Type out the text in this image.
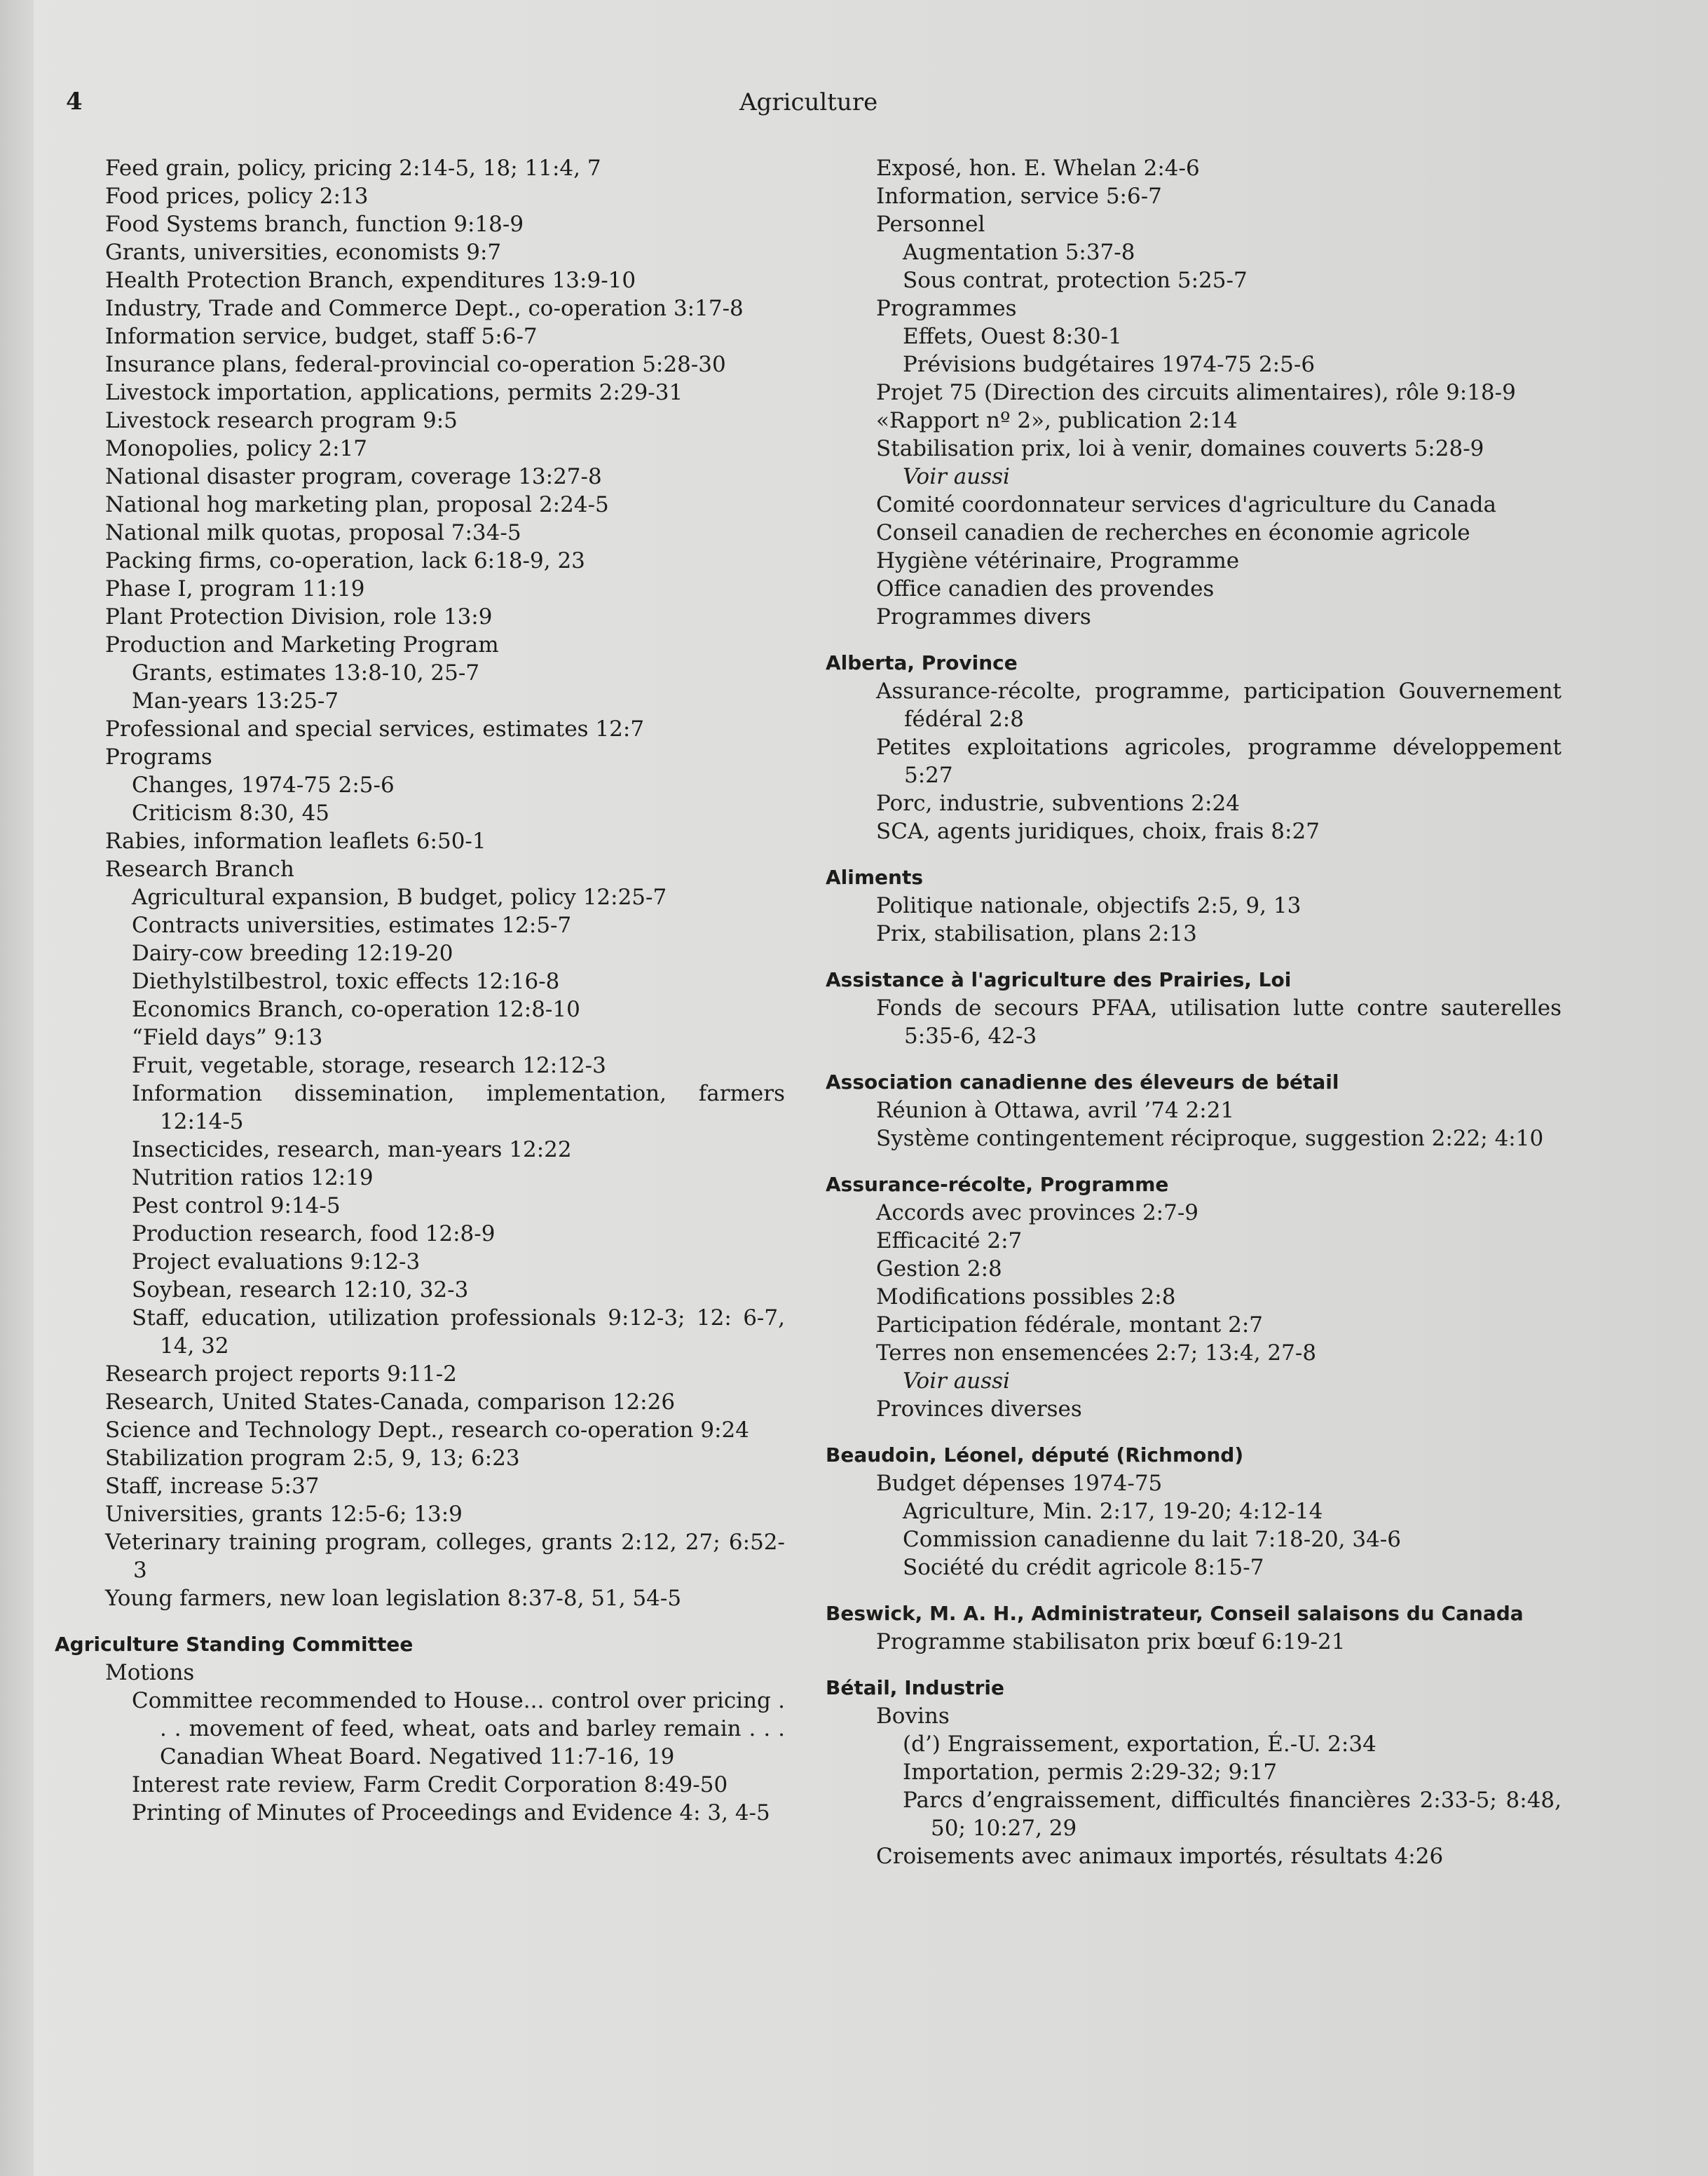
4	Agriculture
Feed grain, policy, pricing 2:14-5, 18; 11:4, 7
Food prices, policy 2:13
Food Systems branch, function 9:18-9
Grants, universities, economists 9:7
Health Protection Branch, expenditures 13:9-10
Industry, Trade and Commerce Dept., co-operation 3:17-8
Information service, budget, staff 5:6-7
Insurance plans, federal-provincial co-operation 5:28-30
Livestock importation, applications, permits 2:29-31
Livestock research program 9:5
Monopolies, policy 2:17
National disaster program, coverage 13:27-8
National hog marketing plan, proposal 2:24-5
National milk quotas, proposal 7:34-5
Packing firms, co-operation, lack 6:18-9, 23
Phase I, program 11:19
Plant Protection Division, role 13:9
Production and Marketing Program
Grants, estimates 13:8-10, 25-7
Man-years 13:25-7
Professional and special services, estimates 12:7
Programs
Changes, 1974-75 2:5-6
Criticism 8:30, 45
Rabies, information leaflets 6:50-1
Research Branch
Agricultural expansion, B budget, policy 12:25-7
Contracts universities, estimates 12:5-7
Dairy-cow breeding 12:19-20
Diethylstilbestrol, toxic effects 12:16-8
Economics Branch, co-operation 12:8-10
“Field days” 9:13
Fruit, vegetable, storage, research 12:12-3
Information dissemination, implementation, farmers 12:14-5
Insecticides, research, man-years 12:22
Nutrition ratios 12:19
Pest control 9:14-5
Production research, food 12:8-9
Project evaluations 9:12-3
Soybean, research 12:10, 32-3
Staff, education, utilization professionals 9:12-3; 12: 6-7, 14, 32
Research project reports 9:11-2
Research, United States-Canada, comparison 12:26
Science and Technology Dept., research co-operation 9:24
Stabilization program 2:5, 9, 13; 6:23
Staff, increase 5:37
Universities, grants 12:5-6; 13:9
Veterinary training program, colleges, grants 2:12, 27; 6:52-3
Young farmers, new loan legislation 8:37-8, 51, 54-5
Agriculture Standing Committee
Motions
Committee recommended to House... control over pricing . . . movement of feed, wheat, oats and barley remain . . . Canadian Wheat Board. Negatived 11:7-16, 19
Interest rate review, Farm Credit Corporation 8:49-50
Printing of Minutes of Proceedings and Evidence 4: 3, 4-5
Exposé, hon. E. Whelan 2:4-6
Information, service 5:6-7
Personnel
Augmentation 5:37-8
Sous contrat, protection 5:25-7
Programmes
Effets, Ouest 8:30-1
Prévisions budgétaires 1974-75 2:5-6
Projet 75 (Direction des circuits alimentaires), rôle 9:18-9
«Rapport nº 2», publication 2:14
Stabilisation prix, loi à venir, domaines couverts 5:28-9
Voir aussi
Comité coordonnateur services d'agriculture du Canada
Conseil canadien de recherches en économie agricole
Hygiène vétérinaire, Programme
Office canadien des provendes
Programmes divers
Alberta, Province
Assurance-récolte, programme, participation Gouvernement fédéral 2:8
Petites exploitations agricoles, programme développement 5:27
Porc, industrie, subventions 2:24
SCA, agents juridiques, choix, frais 8:27
Aliments
Politique nationale, objectifs 2:5, 9, 13
Prix, stabilisation, plans 2:13
Assistance à l'agriculture des Prairies, Loi
Fonds de secours PFAA, utilisation lutte contre sauterelles 5:35-6, 42-3
Association canadienne des éleveurs de bétail
Réunion à Ottawa, avril ’74 2:21
Système contingentement réciproque, suggestion 2:22; 4:10
Assurance-récolte, Programme
Accords avec provinces 2:7-9
Efficacité 2:7
Gestion 2:8
Modifications possibles 2:8
Participation fédérale, montant 2:7
Terres non ensemencées 2:7; 13:4, 27-8
Voir aussi
Provinces diverses
Beaudoin, Léonel, député (Richmond)
Budget dépenses 1974-75
Agriculture, Min. 2:17, 19-20; 4:12-14
Commission canadienne du lait 7:18-20, 34-6
Société du crédit agricole 8:15-7
Beswick, M. A. H., Administrateur, Conseil salaisons du Canada
Programme stabilisaton prix bœuf 6:19-21
Bétail, Industrie
Bovins
(d’) Engraissement, exportation, É.-U. 2:34
Importation, permis 2:29-32; 9:17
Parcs d’engraissement, difficultés financières 2:33-5; 8:48, 50; 10:27, 29
Croisements avec animaux importés, résultats 4:26
